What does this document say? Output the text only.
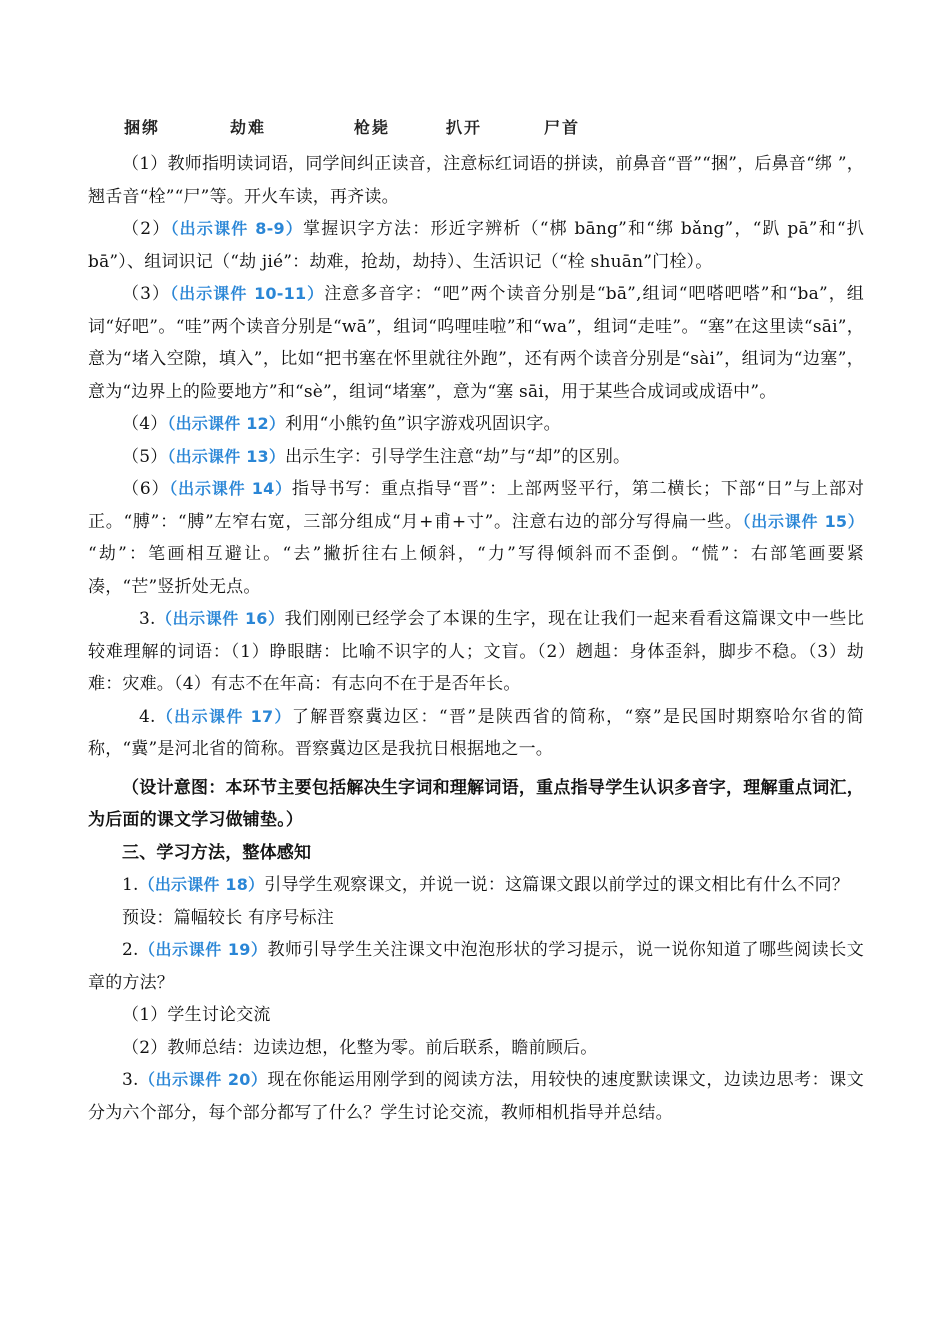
捆绑	劫难	枪毙	扒开	尸首

（1）教师指明读词语，同学间纠正读音，注意标红词语的拼读，前鼻音“晋”“捆”，后鼻音“绑 ”，翘舌音“栓”“尸”等。开火车读，再齐读。

（2）（出示课件 8-9）掌握识字方法：形近字辨析（“梆 bāng”和“绑 bǎng”，“趴 pā”和“扒 bā”）、组词识记（“劫 jié”：劫难，抢劫，劫持）、生活识记（“栓 shuān”门栓）。

（3）（出示课件 10-11）注意多音字：“吧”两个读音分别是“bā”,组词“吧嗒吧嗒”和“ba”，组词“好吧”。“哇”两个读音分别是“wā”，组词“呜哩哇啦”和“wa”，组词“走哇”。“塞”在这里读“sāi”，意为“堵入空隙，填入”，比如“把书塞在怀里就往外跑”，还有两个读音分别是“sài”，组词为“边塞”，意为“边界上的险要地方”和“sè”，组词“堵塞”，意为“塞 sāi，用于某些合成词或成语中”。

（4）（出示课件 12）利用“小熊钓鱼”识字游戏巩固识字。

（5）（出示课件 13）出示生字：引导学生注意“劫”与“却”的区别。

（6）（出示课件 14）指导书写：重点指导“晋”：上部两竖平行，第二横长；下部“日”与上部对正。“膊”：“膊”左窄右宽，三部分组成“月+甫+寸”。注意右边的部分写得扁一些。（出示课件 15） “劫”：笔画相互避让。“去”撇折往右上倾斜，“力”写得倾斜而不歪倒。“慌”：右部笔画要紧凑，“芒”竖折处无点。

3.（出示课件 16）我们刚刚已经学会了本课的生字，现在让我们一起来看看这篇课文中一些比较难理解的词语：（1）睁眼瞎：比喻不识字的人；文盲。（2）趔趄：身体歪斜，脚步不稳。（3）劫难：灾难。（4）有志不在年高：有志向不在于是否年长。

4.（出示课件 17）了解晋察冀边区：“晋”是陕西省的简称，“察”是民国时期察哈尔省的简称，“冀”是河北省的简称。晋察冀边区是我抗日根据地之一。

（设计意图：本环节主要包括解决生字词和理解词语，重点指导学生认识多音字，理解重点词汇，为后面的课文学习做铺垫。）

三、学习方法，整体感知

1.（出示课件 18）引导学生观察课文，并说一说：这篇课文跟以前学过的课文相比有什么不同？

预设：篇幅较长 有序号标注

2.（出示课件 19）教师引导学生关注课文中泡泡形状的学习提示，说一说你知道了哪些阅读长文章的方法？

（1）学生讨论交流

（2）教师总结：边读边想，化整为零。前后联系，瞻前顾后。

3.（出示课件 20）现在你能运用刚学到的阅读方法，用较快的速度默读课文，边读边思考：课文分为六个部分，每个部分都写了什么？学生讨论交流，教师相机指导并总结。
